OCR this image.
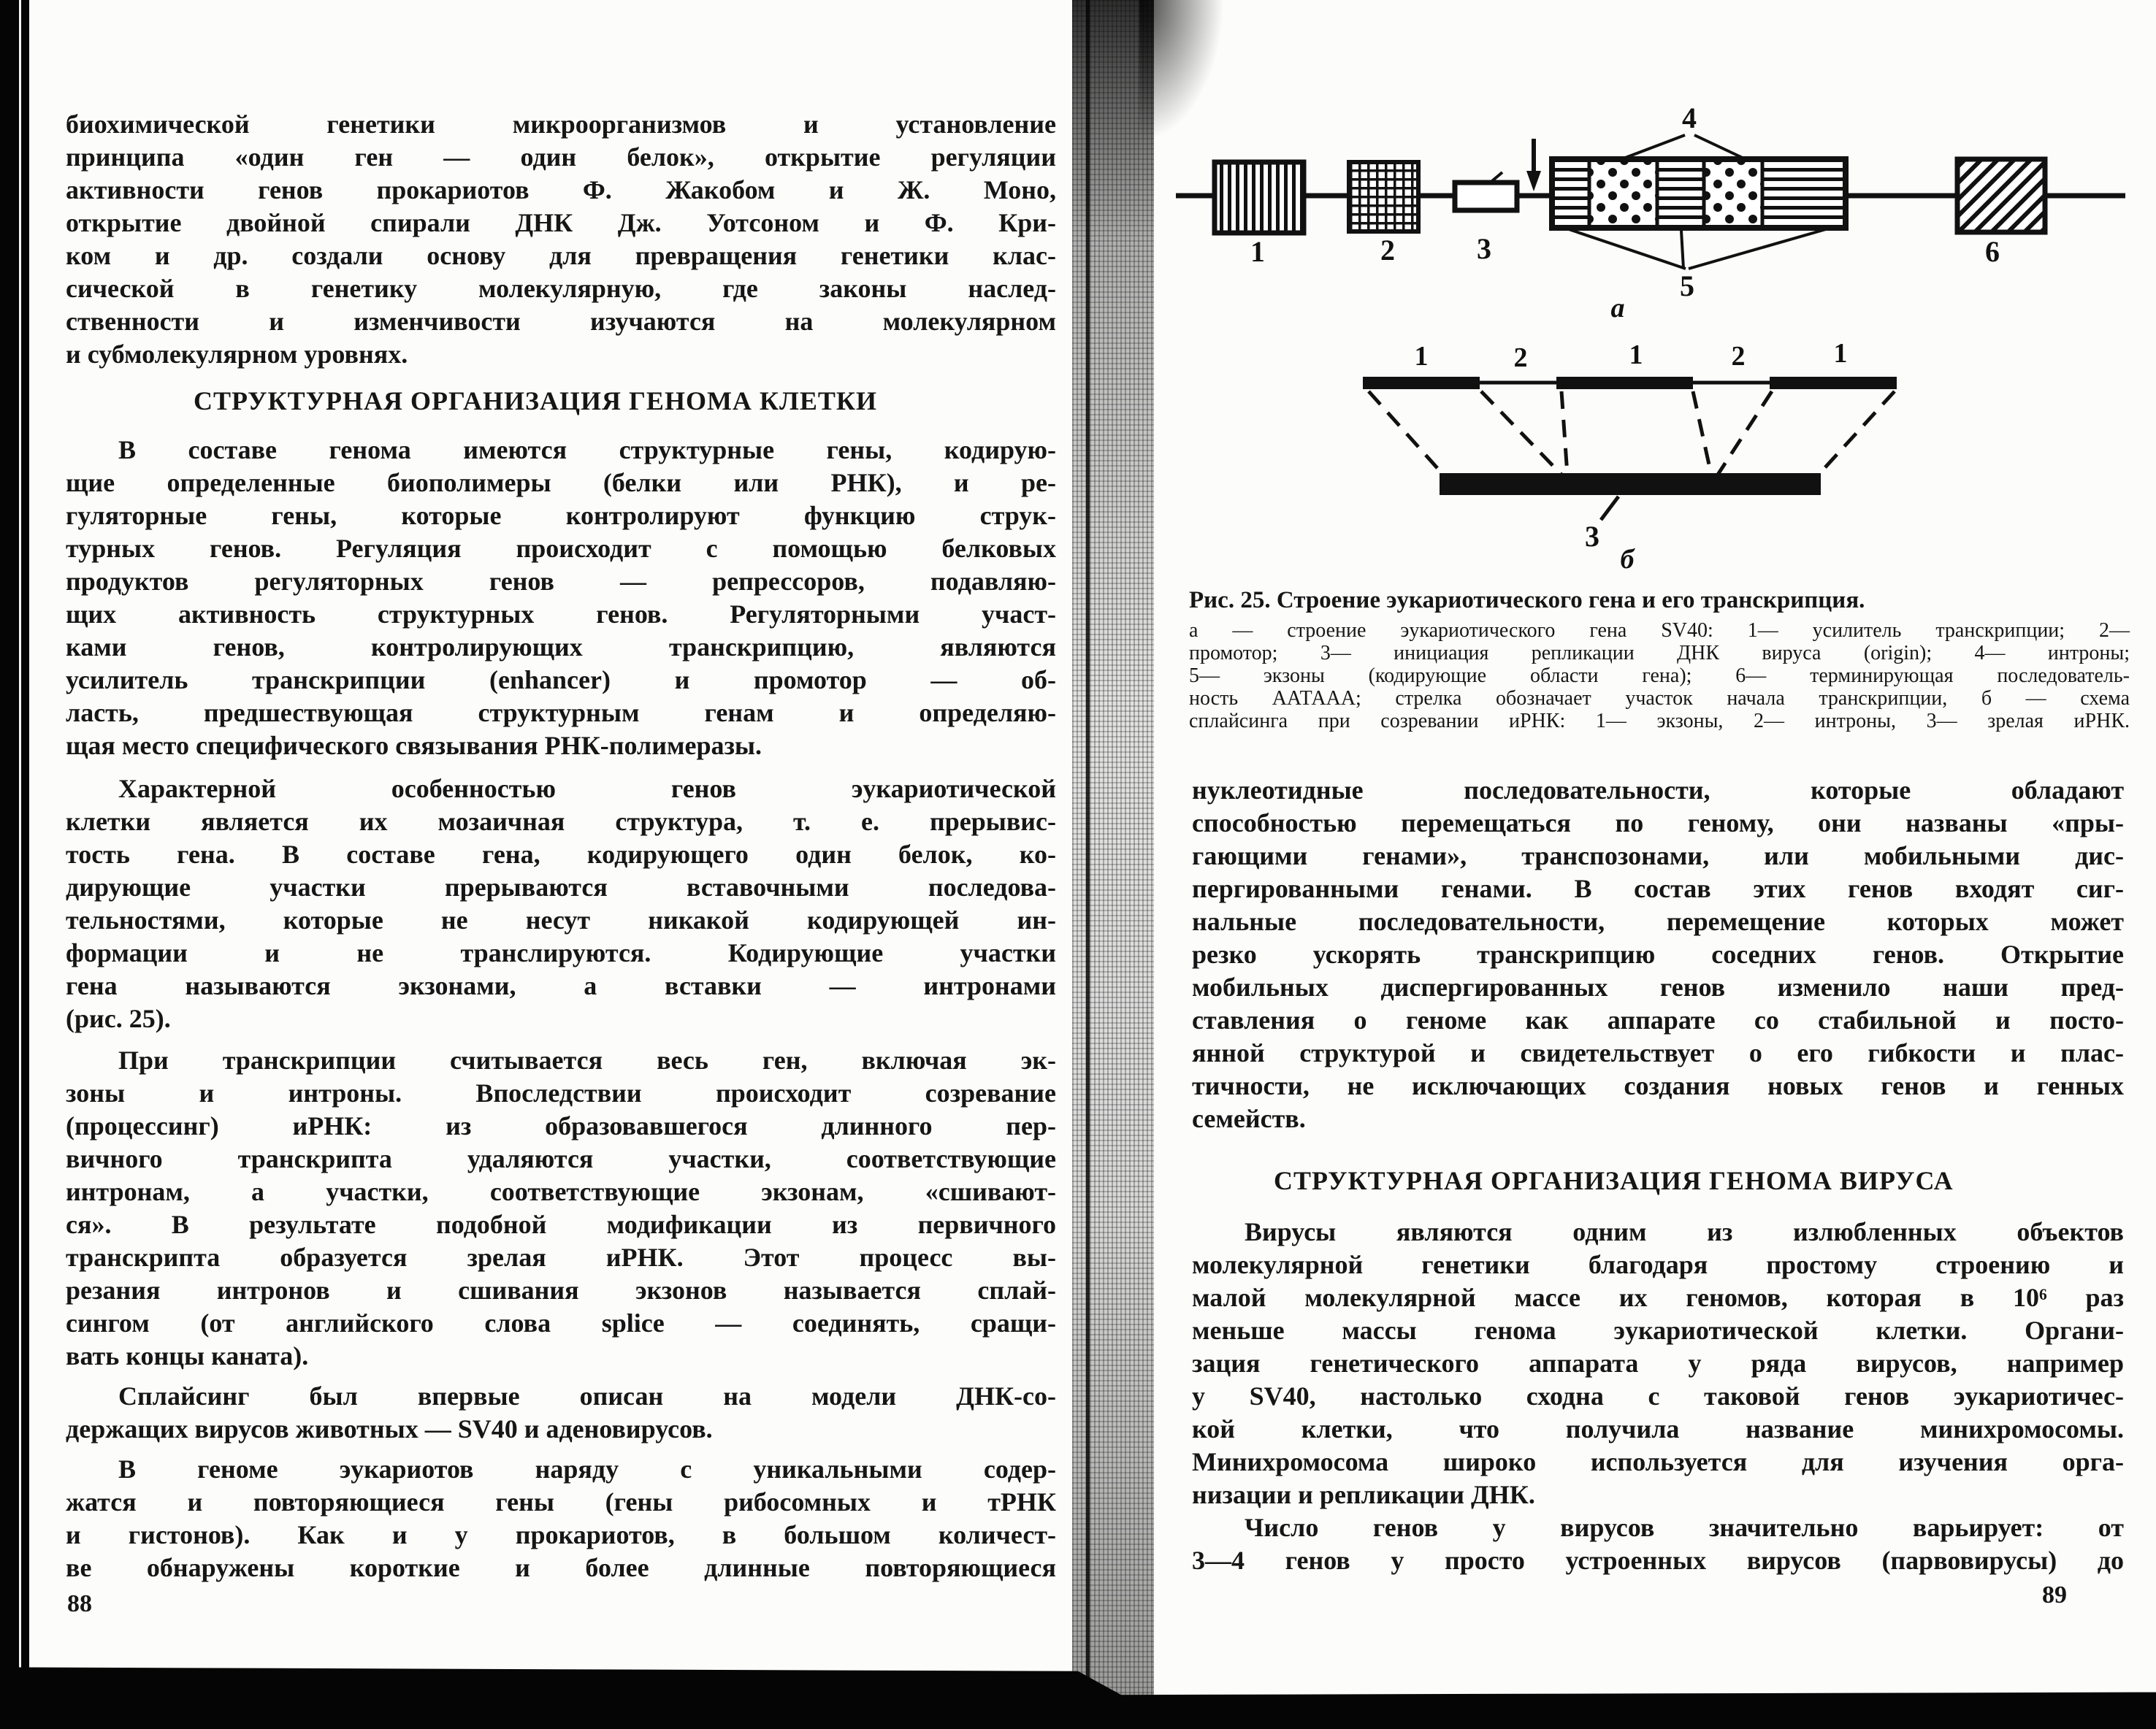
биохимической генетики микроорганизмов и установление
принципа «один ген — один белок», открытие регуляции
активности генов прокариотов Ф. Жакобом и Ж. Моно,
открытие двойной спирали ДНК Дж. Уотсоном и Ф. Кри-
ком и др. создали основу для превращения генетики клас-
сической в генетику молекулярную, где законы наслед-
ственности и изменчивости изучаются на молекулярном
и субмолекулярном уровнях.
СТРУКТУРНАЯ ОРГАНИЗАЦИЯ ГЕНОМА КЛЕТКИ
В составе генома имеются структурные гены, кодирую-
щие определенные биополимеры (белки или РНК), и ре-
гуляторные гены, которые контролируют функцию струк-
турных генов. Регуляция происходит с помощью белковых
продуктов регуляторных генов — репрессоров, подавляю-
щих активность структурных генов. Регуляторными участ-
ками генов, контролирующих транскрипцию, являются
усилитель транскрипции (enhancer) и промотор — об-
ласть, предшествующая структурным генам и определяю-
щая место специфического связывания РНК-полимеразы.
Характерной особенностью генов эукариотической
клетки является их мозаичная структура, т. е. прерывис-
тость гена. В составе гена, кодирующего один белок, ко-
дирующие участки прерываются вставочными последова-
тельностями, которые не несут никакой кодирующей ин-
формации и не транслируются. Кодирующие участки
гена называются экзонами, а вставки — интронами
(рис. 25).
При транскрипции считывается весь ген, включая эк-
зоны и интроны. Впоследствии происходит созревание
(процессинг) иРНК: из образовавшегося длинного пер-
вичного транскрипта удаляются участки, соответствующие
интронам, а участки, соответствующие экзонам, «сшивают-
ся». В результате подобной модификации из первичного
транскрипта образуется зрелая иРНК. Этот процесс вы-
резания интронов и сшивания экзонов называется сплай-
сингом (от английского слова splice — соединять, сращи-
вать концы каната).
Сплайсинг был впервые описан на модели ДНК-со-
держащих вирусов животных — SV40 и аденовирусов.
В геноме эукариотов наряду с уникальными содер-
жатся и повторяющиеся гены (гены рибосомных и тРНК
и гистонов). Как и у прокариотов, в большом количест-
ве обнаружены короткие и более длинные повторяющиеся
88
1	2	3
4
5
6
а
1	2	1	2	1
3
б
Рис. 25. Строение эукариотического гена и его транскрипция.
а — строение эукариотического гена SV40: 1— усилитель транскрипции; 2—
промотор; 3— инициация репликации ДНК вируса (origin); 4— интроны;
5— экзоны (кодирующие области гена); 6— терминирующая последователь-
ность ААТААА; стрелка обозначает участок начала транскрипции, б — схема
сплайсинга при созревании иРНК: 1— экзоны, 2— интроны, 3— зрелая иРНК.
нуклеотидные последовательности, которые обладают
способностью перемещаться по геному, они названы «пры-
гающими генами», транспозонами, или мобильными дис-
пергированными генами. В состав этих генов входят сиг-
нальные последовательности, перемещение которых может
резко ускорять транскрипцию соседних генов. Открытие
мобильных диспергированных генов изменило наши пред-
ставления о геноме как аппарате со стабильной и посто-
янной структурой и свидетельствует о его гибкости и плас-
тичности, не исключающих создания новых генов и генных
семейств.
СТРУКТУРНАЯ ОРГАНИЗАЦИЯ ГЕНОМА ВИРУСА
Вирусы являются одним из излюбленных объектов
молекулярной генетики благодаря простому строению и
малой молекулярной массе их геномов, которая в 10⁶ раз
меньше массы генома эукариотической клетки. Органи-
зация генетического аппарата у ряда вирусов, например
у SV40, настолько сходна с таковой генов эукариотичес-
кой клетки, что получила название минихромосомы.
Минихромосома широко используется для изучения орга-
низации и репликации ДНК.
Число генов у вирусов значительно варьирует: от
3—4 генов у просто устроенных вирусов (парвовирусы) до
89
